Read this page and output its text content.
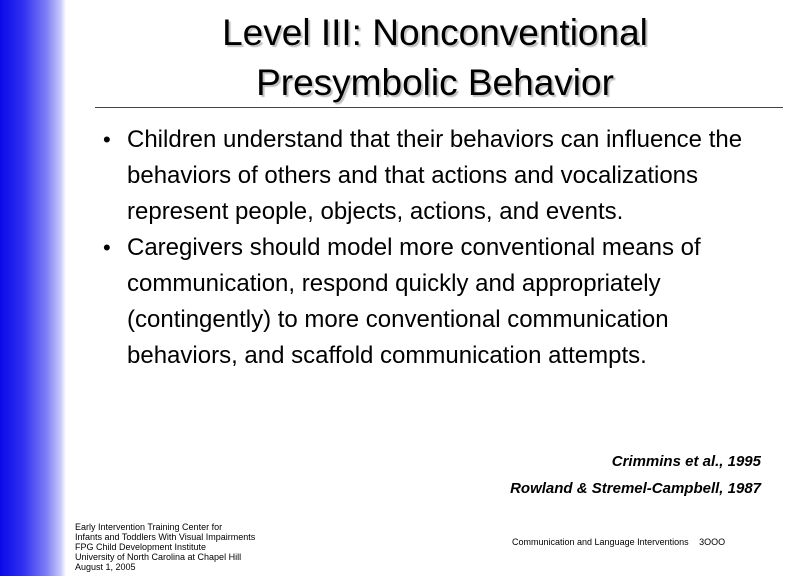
Level III: Nonconventional
Presymbolic Behavior
• Children understand that their behaviors can influence the behaviors of others and that actions and vocalizations represent people, objects, actions, and events.
• Caregivers should model more conventional means of communication, respond quickly and appropriately (contingently) to more conventional communication behaviors, and scaffold communication attempts.
Crimmins et al., 1995
Rowland & Stremel-Campbell, 1987
Early Intervention Training Center for
Infants and Toddlers With Visual Impairments
FPG Child Development Institute
University of North Carolina at Chapel Hill
August 1, 2005
Communication and Language Interventions 3OOO
